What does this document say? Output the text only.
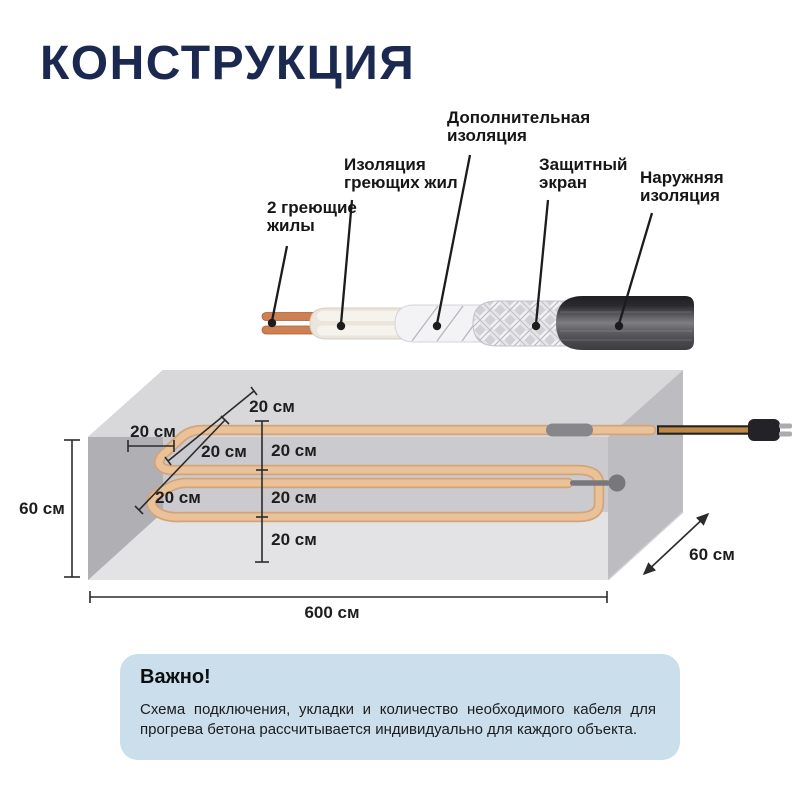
КОНСТРУКЦИЯ
2 греющие
жилы
Изоляция
греющих жил
Дополнительная
изоляция
Защитный
экран	Наружняя
изоляция
20 см
20 см
20 см 20 см
20 см	20 см
20 см
60 см
600 см
60 см
Важно!
Схема подключения, укладки и количество необходимого кабеля для прогрева бетона рассчитывается индивидуально для каждого объекта.
